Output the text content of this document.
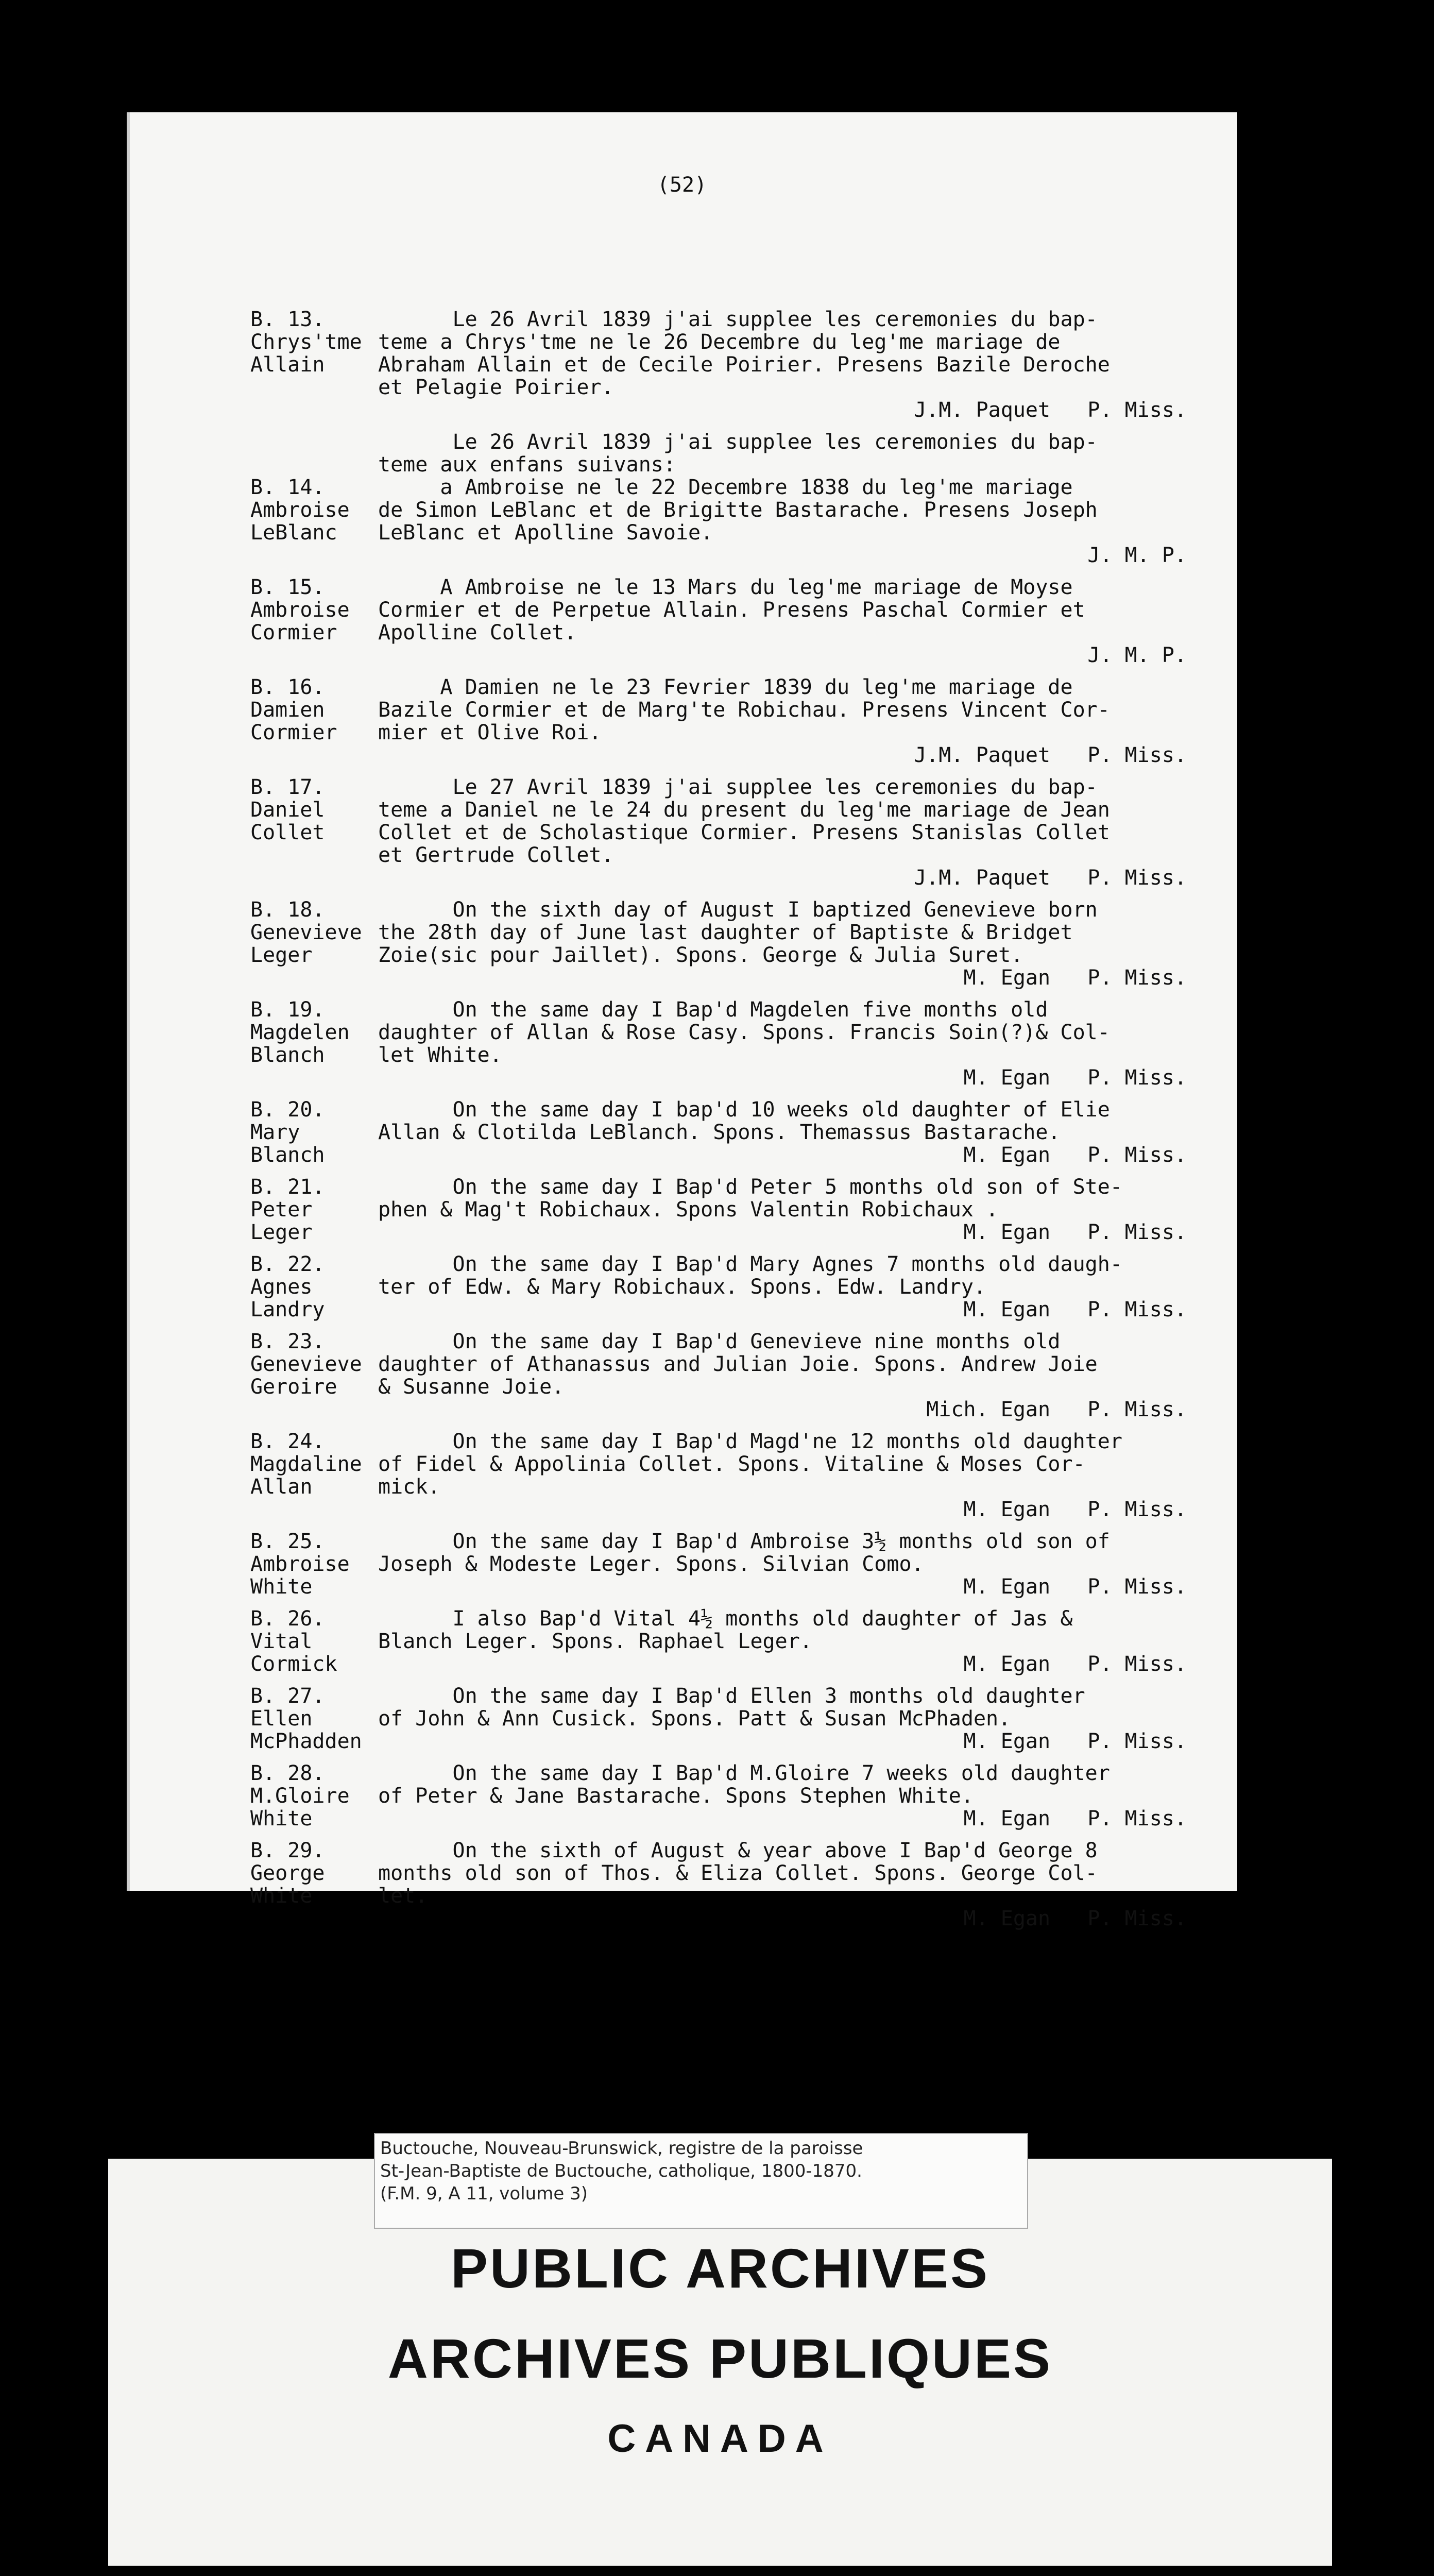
(52)
B. 13.
Chrys'tme
Allain
Le 26 Avril 1839 j'ai supplee les ceremonies du bap-
teme a Chrys'tme ne le 26 Decembre du leg'me mariage de
Abraham Allain et de Cecile Poirier. Presens Bazile Deroche
et Pelagie Poirier.
J.M. Paquet   P. Miss.
Le 26 Avril 1839 j'ai supplee les ceremonies du bap-
teme aux enfans suivans:
B. 14.
Ambroise
LeBlanc
a Ambroise ne le 22 Decembre 1838 du leg'me mariage
de Simon LeBlanc et de Brigitte Bastarache. Presens Joseph
LeBlanc et Apolline Savoie.
J. M. P.
B. 15.
Ambroise
Cormier
A Ambroise ne le 13 Mars du leg'me mariage de Moyse
Cormier et de Perpetue Allain. Presens Paschal Cormier et
Apolline Collet.
J. M. P.
B. 16.
Damien
Cormier
A Damien ne le 23 Fevrier 1839 du leg'me mariage de
Bazile Cormier et de Marg'te Robichau. Presens Vincent Cor-
mier et Olive Roi.
J.M. Paquet   P. Miss.
B. 17.
Daniel
Collet
Le 27 Avril 1839 j'ai supplee les ceremonies du bap-
teme a Daniel ne le 24 du present du leg'me mariage de Jean
Collet et de Scholastique Cormier. Presens Stanislas Collet
et Gertrude Collet.
J.M. Paquet   P. Miss.
B. 18.
Genevieve
Leger
On the sixth day of August I baptized Genevieve born
the 28th day of June last daughter of Baptiste & Bridget
Zoie(sic pour Jaillet). Spons. George & Julia Suret.
M. Egan   P. Miss.
B. 19.
Magdelen
Blanch
On the same day I Bap'd Magdelen five months old
daughter of Allan & Rose Casy. Spons. Francis Soin(?)& Col-
let White.
M. Egan   P. Miss.
B. 20.
Mary
Blanch
On the same day I bap'd 10 weeks old daughter of Elie
Allan & Clotilda LeBlanch. Spons. Themassus Bastarache.
M. Egan   P. Miss.
B. 21.
Peter
Leger
On the same day I Bap'd Peter 5 months old son of Ste-
phen & Mag't Robichaux. Spons Valentin Robichaux .
M. Egan   P. Miss.
B. 22.
Agnes
Landry
On the same day I Bap'd Mary Agnes 7 months old daugh-
ter of Edw. & Mary Robichaux. Spons. Edw. Landry.
M. Egan   P. Miss.
B. 23.
Genevieve
Geroire
On the same day I Bap'd Genevieve nine months old
daughter of Athanassus and Julian Joie. Spons. Andrew Joie
& Susanne Joie.
Mich. Egan   P. Miss.
B. 24.
Magdaline
Allan
On the same day I Bap'd Magd'ne 12 months old daughter
of Fidel & Appolinia Collet. Spons. Vitaline & Moses Cor-
mick.
M. Egan   P. Miss.
B. 25.
Ambroise
White
On the same day I Bap'd Ambroise 3½ months old son of
Joseph & Modeste Leger. Spons. Silvian Como.
M. Egan   P. Miss.
B. 26.
Vital
Cormick
I also Bap'd Vital 4½ months old daughter of Jas &
Blanch Leger. Spons. Raphael Leger.
M. Egan   P. Miss.
B. 27.
Ellen
McPhadden
On the same day I Bap'd Ellen 3 months old daughter
of John & Ann Cusick. Spons. Patt & Susan McPhaden.
M. Egan   P. Miss.
B. 28.
M.Gloire
White
On the same day I Bap'd M.Gloire 7 weeks old daughter
of Peter & Jane Bastarache. Spons Stephen White.
M. Egan   P. Miss.
B. 29.
George
White
On the sixth of August & year above I Bap'd George 8
months old son of Thos. & Eliza Collet. Spons. George Col-
let.
M. Egan   P. Miss.
Buctouche, Nouveau-Brunswick, registre de la paroisse
St-Jean-Baptiste de Buctouche, catholique, 1800-1870.
(F.M. 9, A 11, volume 3)
PUBLIC ARCHIVES
ARCHIVES PUBLIQUES
CANADA
